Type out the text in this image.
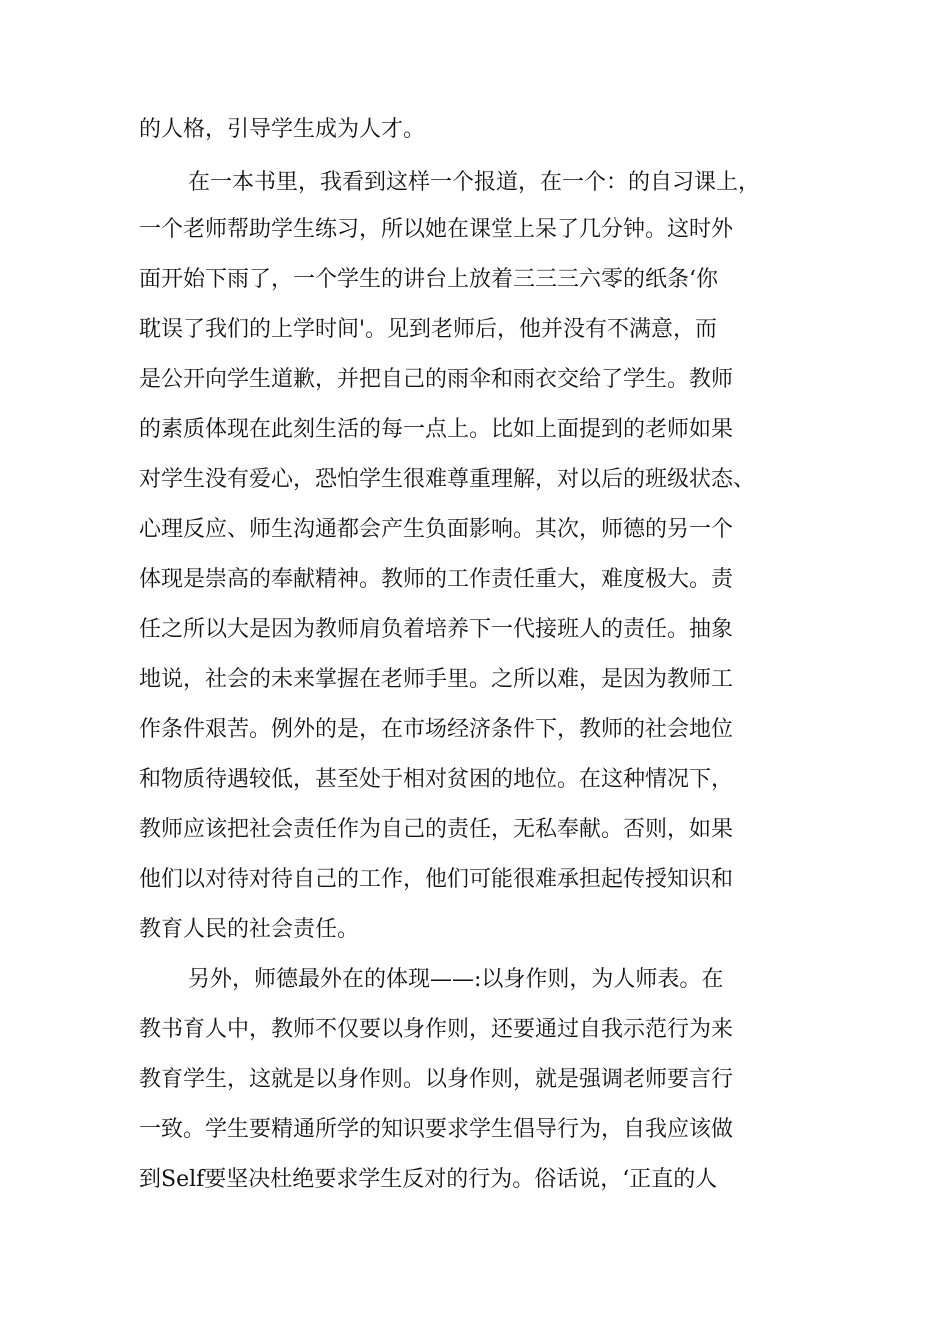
的人格，引导学生成为人才。
在一本书里，我看到这样一个报道，在一个：的自习课上，
一个老师帮助学生练习，所以她在课堂上呆了几分钟。这时外
面开始下雨了，一个学生的讲台上放着三三三六零的纸条‘你
耽误了我们的上学时间'。见到老师后，他并没有不满意，而
是公开向学生道歉，并把自己的雨伞和雨衣交给了学生。教师
的素质体现在此刻生活的每一点上。比如上面提到的老师如果
对学生没有爱心，恐怕学生很难尊重理解，对以后的班级状态、
心理反应、师生沟通都会产生负面影响。其次，师德的另一个
体现是崇高的奉献精神。教师的工作责任重大，难度极大。责
任之所以大是因为教师肩负着培养下一代接班人的责任。抽象
地说，社会的未来掌握在老师手里。之所以难，是因为教师工
作条件艰苦。例外的是，在市场经济条件下，教师的社会地位
和物质待遇较低，甚至处于相对贫困的地位。在这种情况下，
教师应该把社会责任作为自己的责任，无私奉献。否则，如果
他们以对待对待自己的工作，他们可能很难承担起传授知识和
教育人民的社会责任。
另外，师德最外在的体现——:以身作则，为人师表。在
教书育人中，教师不仅要以身作则，还要通过自我示范行为来
教育学生，这就是以身作则。以身作则，就是强调老师要言行
一致。学生要精通所学的知识要求学生倡导行为，自我应该做
到Self要坚决杜绝要求学生反对的行为。俗话说，‘正直的人
